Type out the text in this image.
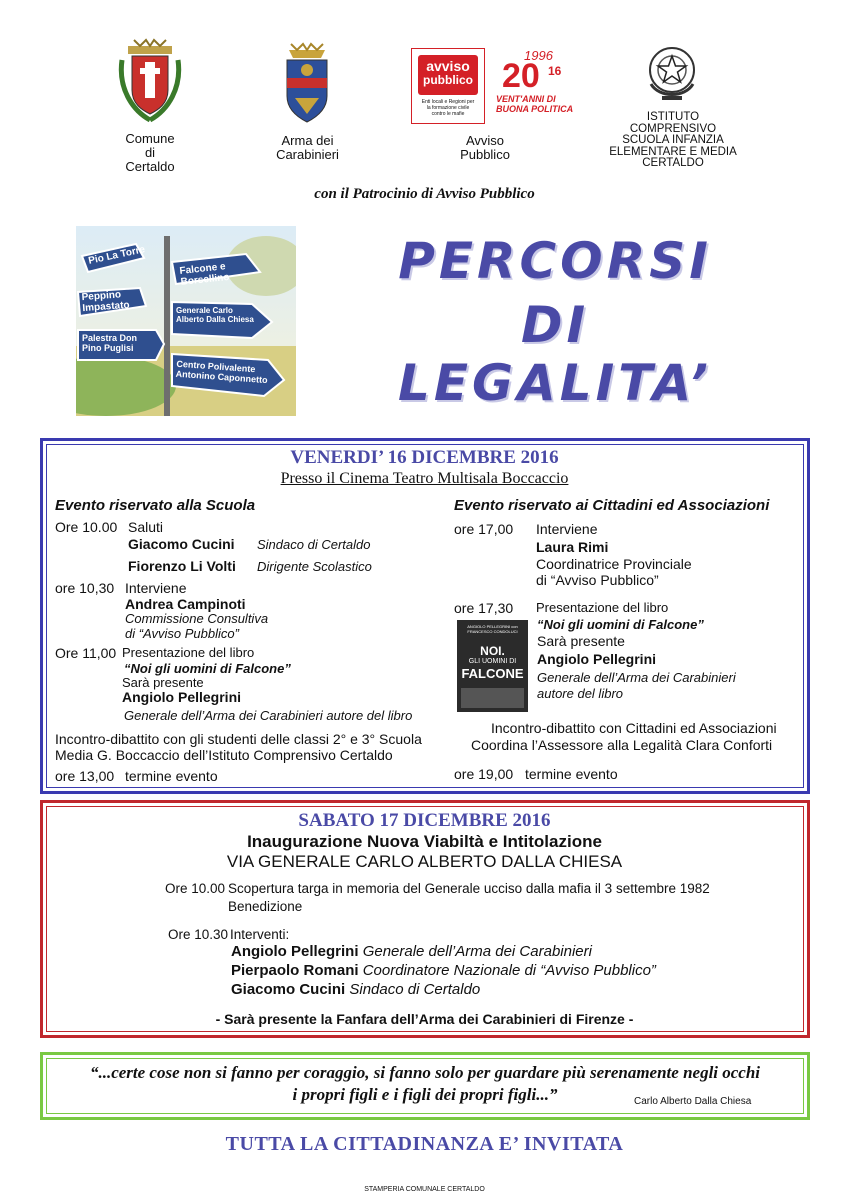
Comune
di
Certaldo
Arma dei
Carabinieri
avviso
pubblico
Enti locali e Regioni per la formazione civile contro le mafie
1996
20 16
VENT'ANNI DI
BUONA POLITICA
Avviso
Pubblico
ISTITUTO
COMPRENSIVO
SCUOLA INFANZIA
ELEMENTARE E MEDIA
CERTALDO
con il Patrocinio di Avviso Pubblico
Pio La Torre
Falcone e Borsellino
Peppino Impastato	Generale Carlo Alberto Dalla Chiesa
Palestra Don Pino Puglisi
Centro Polivalente Antonino Caponnetto
PERCORSI
DI
LEGALITA’
VENERDI’ 16 DICEMBRE 2016
Presso il Cinema Teatro Multisala Boccaccio
Evento riservato alla Scuola
Ore 10.00 Saluti
Giacomo Cucini Sindaco di Certaldo
Fiorenzo Li Volti Dirigente Scolastico
ore 10,30 Interviene
Andrea Campinoti
Commissione Consultiva
di “Avviso Pubblico”
Ore 11,00 Presentazione del libro
“Noi gli uomini di Falcone”
Sarà presente
Angiolo Pellegrini
Generale dell’Arma dei Carabinieri autore del libro
Incontro-dibattito con gli studenti delle classi 2° e 3° Scuola
Media G. Boccaccio dell’Istituto Comprensivo Certaldo
ore 13,00 termine evento
Evento riservato ai Cittadini ed Associazioni
ore 17,00 Interviene
Laura Rimi
Coordinatrice Provinciale
di “Avviso Pubblico”
ore 17,30 Presentazione del libro
ANGIOLO PELLEGRINI con FRANCESCO CONDOLUCI
NOI.
GLI UOMINI DI
FALCONE
“Noi gli uomini di Falcone”
Sarà presente
Angiolo Pellegrini
Generale dell’Arma dei Carabinieri
autore del libro
Incontro-dibattito con Cittadini ed Associazioni
Coordina l’Assessore alla Legalità Clara Conforti
ore 19,00 termine evento
SABATO 17 DICEMBRE 2016
Inaugurazione Nuova Viabiltà e Intitolazione
VIA GENERALE CARLO ALBERTO DALLA CHIESA
Ore 10.00 Scopertura targa in memoria del Generale ucciso dalla mafia il 3 settembre 1982
Benedizione
Ore 10.30 Interventi:
Angiolo Pellegrini Generale dell’Arma dei Carabinieri
Pierpaolo Romani Coordinatore Nazionale di “Avviso Pubblico”
Giacomo Cucini Sindaco di Certaldo
- Sarà presente la Fanfara dell’Arma dei Carabinieri di Firenze -
“...certe cose non si fanno per coraggio, si fanno solo per guardare più serenamente negli occhi
i propri figli e i figli dei propri figli...”	Carlo Alberto Dalla Chiesa
TUTTA LA CITTADINANZA E’ INVITATA
STAMPERIA COMUNALE CERTALDO
